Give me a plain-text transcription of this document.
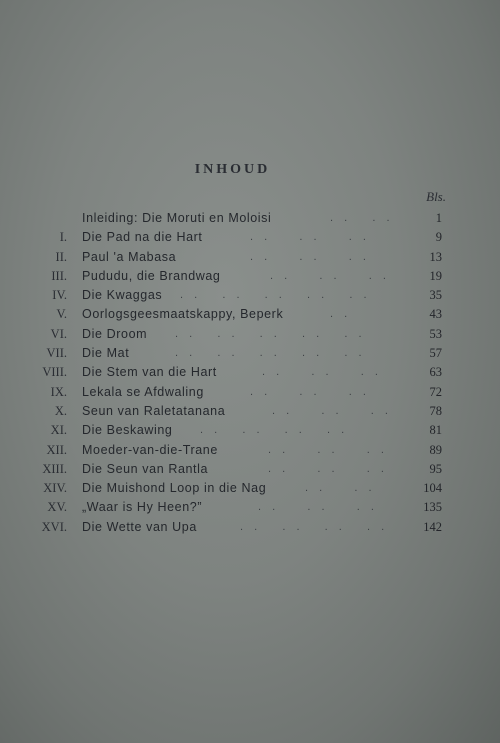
INHOUD
Bls.
Inleiding: Die Moruti en Moloisi	. .   . .	1
I. Die Pad na die Hart	. .    . .    . .	9
II. Paul 'a Mabasa	. .    . .    . .	13
III. Pududu, die Brandwag	. .    . .    . .	19
IV. Die Kwaggas . .   . .   . .   . .   . .	35
V. Oorlogsgeesmaatskappy, Beperk	. .	43
VI. Die Droom	. .   . .   . .   . .   . .	53
VII. Die Mat	. .   . .   . .   . .   . .	57
VIII. Die Stem van die Hart	. .    . .    . .	63
IX. Lekala se Afdwaling	. .    . .    . .	72
X. Seun van Raletatanana	. .    . .    . .	78
XI. Die Beskawing	. .   . .   . .   . .	81
XII. Moeder-van-die-Trane	. .    . .    . .	89
XIII. Die Seun van Rantla	. .    . .    . .	95
XIV. Die Muishond Loop in die Nag	. .    . .	104
XV. „Waar is Hy Heen?”	. .    . .    . .	135
XVI. Die Wette van Upa	. .   . .   . .   . .	142
